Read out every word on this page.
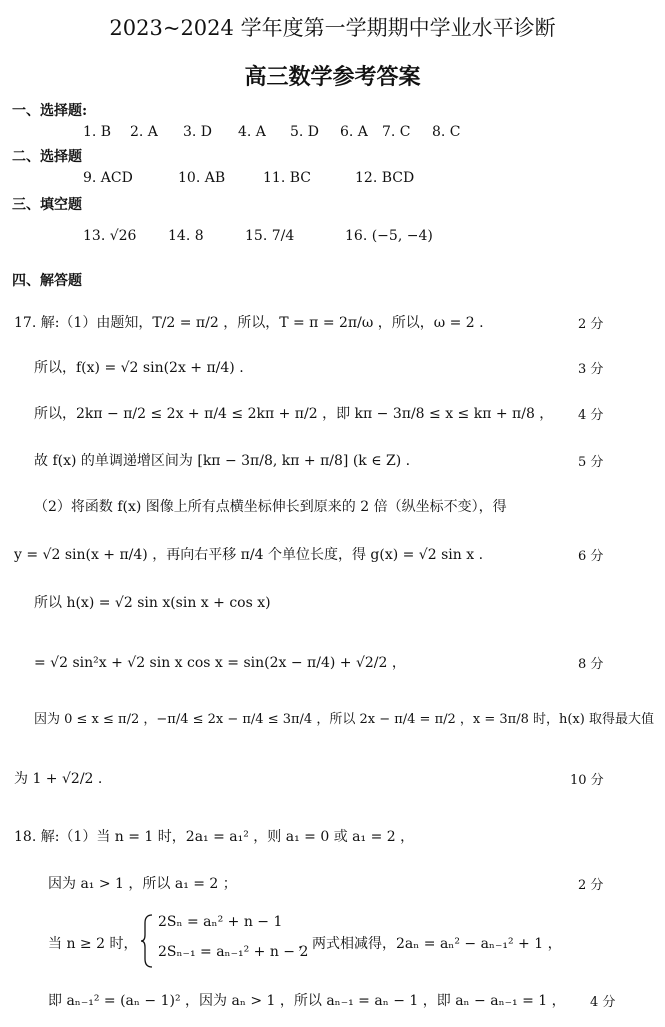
2023~2024 学年度第一学期期中学业水平诊断
高三数学参考答案
一、选择题:
1. B 2. A 3. D 4. A 5. D 6. A 7. C 8. C
二、选择题
9. ACD	10. AB	11. BC	12. BCD
三、填空题
13. √26 14. 8	15. 7/4	16. (−5, −4)
四、解答题
17. 解:（1）由题知，T/2 = π/2 ，所以，T = π = 2π/ω ，所以，ω = 2 .	2 分
所以，f(x) = √2 sin(2x + π/4) .	3 分
所以，2kπ − π/2 ≤ 2x + π/4 ≤ 2kπ + π/2 ，即 kπ − 3π/8 ≤ x ≤ kπ + π/8 ， 4 分
故 f(x) 的单调递增区间为 [kπ − 3π/8, kπ + π/8] (k ∈ Z) .	5 分
（2）将函数 f(x) 图像上所有点横坐标伸长到原来的 2 倍（纵坐标不变），得
y = √2 sin(x + π/4) ，再向右平移 π/4 个单位长度，得 g(x) = √2 sin x .	6 分
所以 h(x) = √2 sin x(sin x + cos x)
= √2 sin²x + √2 sin x cos x = sin(2x − π/4) + √2/2 ，	8 分
因为 0 ≤ x ≤ π/2 ，−π/4 ≤ 2x − π/4 ≤ 3π/4 ，所以 2x − π/4 = π/2 ，x = 3π/8 时，h(x) 取得最大值
为 1 + √2/2 .	10 分
18. 解:（1）当 n = 1 时，2a₁ = a₁² ，则 a₁ = 0 或 a₁ = 2 ，
因为 a₁ > 1 ，所以 a₁ = 2 ；	2 分
当 n ≥ 2 时，
2Sₙ = aₙ² + n − 1
2Sₙ₋₁ = aₙ₋₁² + n − 2
，两式相减得，2aₙ = aₙ² − aₙ₋₁² + 1 ，
即 aₙ₋₁² = (aₙ − 1)² ，因为 aₙ > 1 ，所以 aₙ₋₁ = aₙ − 1 ，即 aₙ − aₙ₋₁ = 1 ， 4 分
